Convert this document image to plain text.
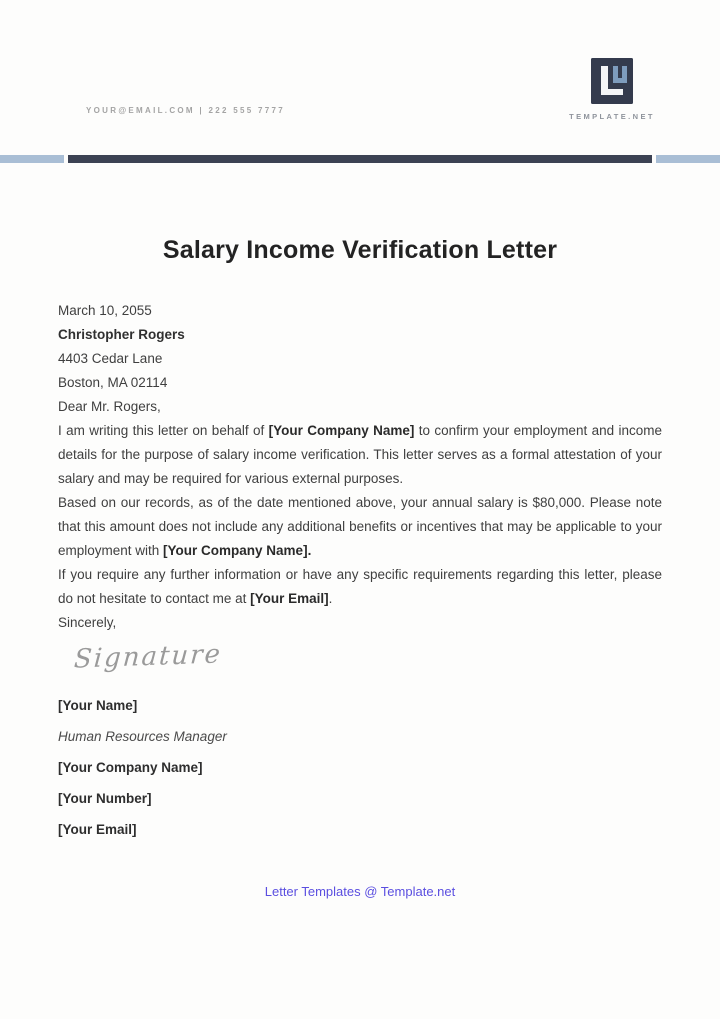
YOUR@EMAIL.COM | 222 555 7777
TEMPLATE.NET
Salary Income Verification Letter

March 10, 2055

Christopher Rogers

4403 Cedar Lane

Boston, MA 02114

Dear Mr. Rogers,

I am writing this letter on behalf of [Your Company Name] to confirm your employment and income details for the purpose of salary income verification. This letter serves as a formal attestation of your salary and may be required for various external purposes.

Based on our records, as of the date mentioned above, your annual salary is $80,000. Please note that this amount does not include any additional benefits or incentives that may be applicable to your employment with [Your Company Name].

If you require any further information or have any specific requirements regarding this letter, please do not hesitate to contact me at [Your Email].

Sincerely,

Signature

[Your Name]

Human Resources Manager

[Your Company Name]

[Your Number]

[Your Email]

Letter Templates @ Template.net
